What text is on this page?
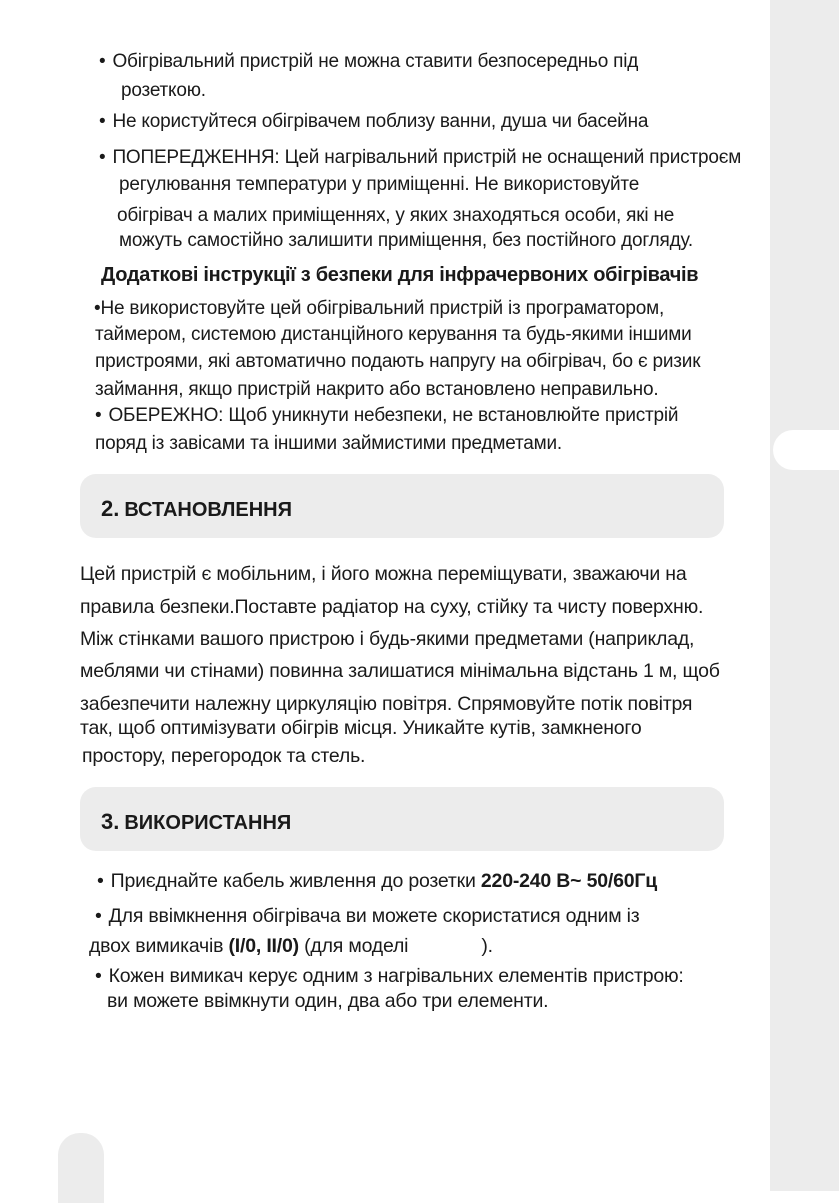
• Обігрівальний пристрій не можна ставити безпосередньо під
розеткою.
• Не користуйтеся обігрівачем поблизу ванни, душа чи басейна
• ПОПЕРЕДЖЕННЯ: Цей нагрівальний пристрій не оснащений пристроєм
регулювання температури у приміщенні. Не використовуйте
обігрівач а малих приміщеннях, у яких знаходяться особи, які не
можуть самостійно залишити приміщення, без постійного догляду.
Додаткові інструкції з безпеки для інфрачервоних обігрівачів
•Не використовуйте цей обігрівальний пристрій із програматором,
таймером, системою дистанційного керування та будь-якими іншими
пристроями, які автоматично подають напругу на обігрівач, бо є ризик
займання, якщо пристрій накрито або встановлено неправильно.
• ОБЕРЕЖНО: Щоб уникнути небезпеки, не встановлюйте пристрій
поряд із завісами та іншими займистими предметами.
2. ВСТАНОВЛЕННЯ
Цей пристрій є мобільним, і його можна переміщувати, зважаючи на
правила безпеки.Поставте радіатор на суху, стійку та чисту поверхню.
Між стінками вашого пристрою і будь-якими предметами (наприклад,
меблями чи стінами) повинна залишатися мінімальна відстань 1 м, щоб
забезпечити належну циркуляцію повітря. Спрямовуйте потік повітря
так, щоб оптимізувати обігрів місця. Уникайте кутів, замкненого
простору, перегородок та стель.
3. ВИКОРИСТАННЯ
• Приєднайте кабель живлення до розетки 220-240 В~ 50/60Гц
• Для ввімкнення обігрівача ви можете скористатися одним із
двох вимикачів (I/0, II/0) (для моделі              ).
• Кожен вимикач керує одним з нагрівальних елементів пристрою:
ви можете ввімкнути один, два або три елементи.
